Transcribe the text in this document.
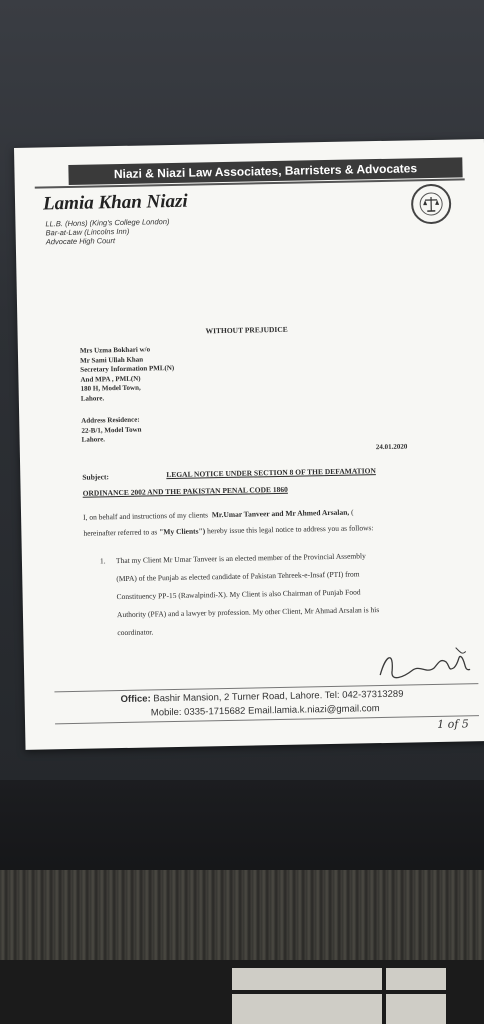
Niazi & Niazi Law Associates, Barristers & Advocates
Lamia Khan Niazi
LL.B. (Hons) (King's College London)
Bar-at-Law (Lincolns Inn)
Advocate High Court
WITHOUT PREJUDICE
Mrs Uzma Bokhari w/o
Mr Sami Ullah Khan
Secretary Information PML(N)
And MPA , PML(N)
180 H, Model Town,
Lahore.
Address Residence:
22-B/1, Model Town
Lahore.
24.01.2020
Subject:	LEGAL NOTICE UNDER SECTION 8 OF THE DEFAMATION
ORDINANCE 2002 AND THE PAKISTAN PENAL CODE 1860
I, on behalf and instructions of my clients Mr.Umar Tanveer and Mr Ahmed Arsalan, (
hereinafter referred to as "My Clients") hereby issue this legal notice to address you as follows:
1. That my Client Mr Umar Tanveer is an elected member of the Provincial Assembly
(MPA) of the Punjab as elected candidate of Pakistan Tehreek-e-Insaf (PTI) from
Constituency PP-15 (Rawalpindi-X). My Client is also Chairman of Punjab Food
Authority (PFA) and a lawyer by profession. My other Client, Mr Ahmad Arsalan is his
coordinator.
Office: Bashir Mansion, 2 Turner Road, Lahore. Tel: 042-37313289
Mobile: 0335-1715682 Email.lamia.k.niazi@gmail.com
1 of 5
